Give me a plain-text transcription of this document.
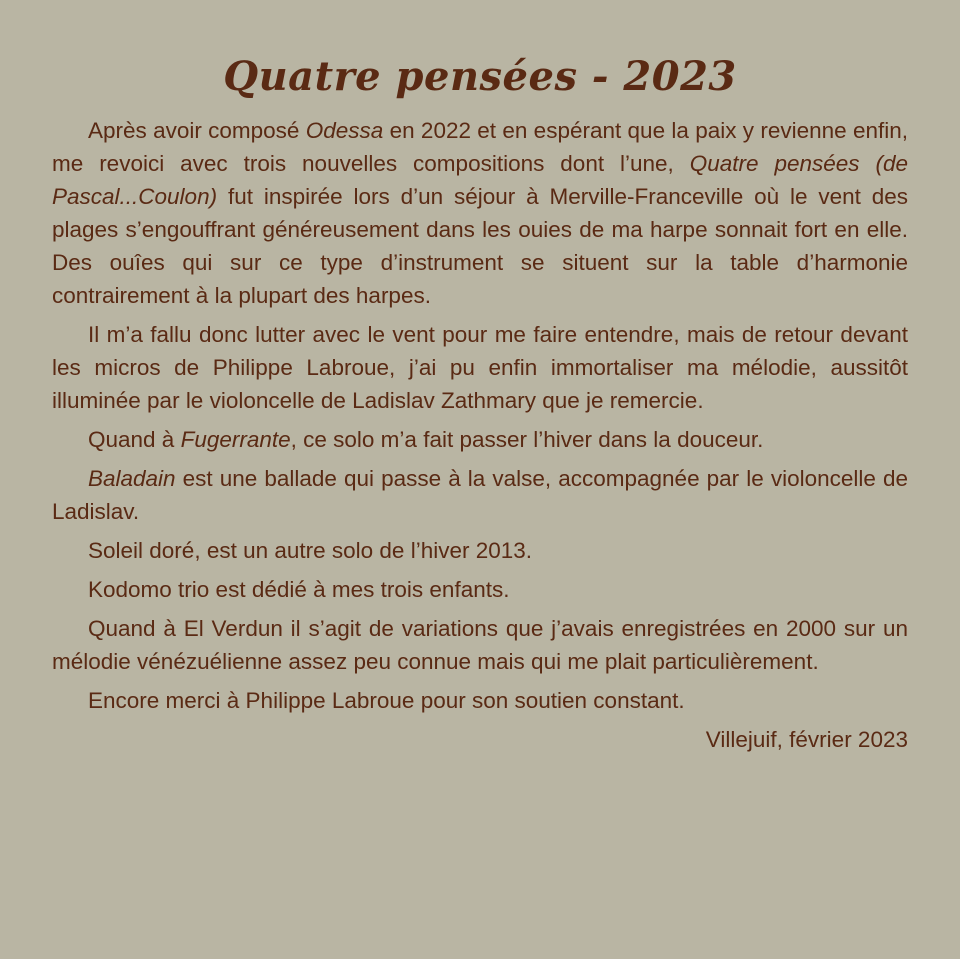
Quatre pensées - 2023

Après avoir composé Odessa en 2022 et en espérant que la paix y revienne enfin, me revoici avec trois nouvelles compositions dont l’une, Quatre pensées (de Pascal...Coulon) fut inspirée lors d’un séjour à Merville-Franceville où le vent des plages s’engouffrant généreusement dans les ouies de ma harpe sonnait fort en elle. Des ouîes qui sur ce type d’instrument se situent sur la table d’harmonie contrairement à la plupart des harpes.

Il m’a fallu donc lutter avec le vent pour me faire entendre, mais de retour devant les micros de Philippe Labroue, j’ai pu enfin immortaliser ma mélodie, aussitôt illuminée par le violoncelle de Ladislav Zathmary que je remercie.

Quand à Fugerrante, ce solo m’a fait passer l’hiver dans la douceur.

Baladain est une ballade qui passe à la valse, accompagnée par le violoncelle de Ladislav.

Soleil doré, est un autre solo de l’hiver 2013.

Kodomo trio est dédié à mes trois enfants.

Quand à El Verdun il s’agit de variations que j’avais enregistrées en 2000 sur un mélodie vénézuélienne assez peu connue mais qui me plait particulièrement.

Encore merci à Philippe Labroue pour son soutien constant.

Villejuif, février 2023
